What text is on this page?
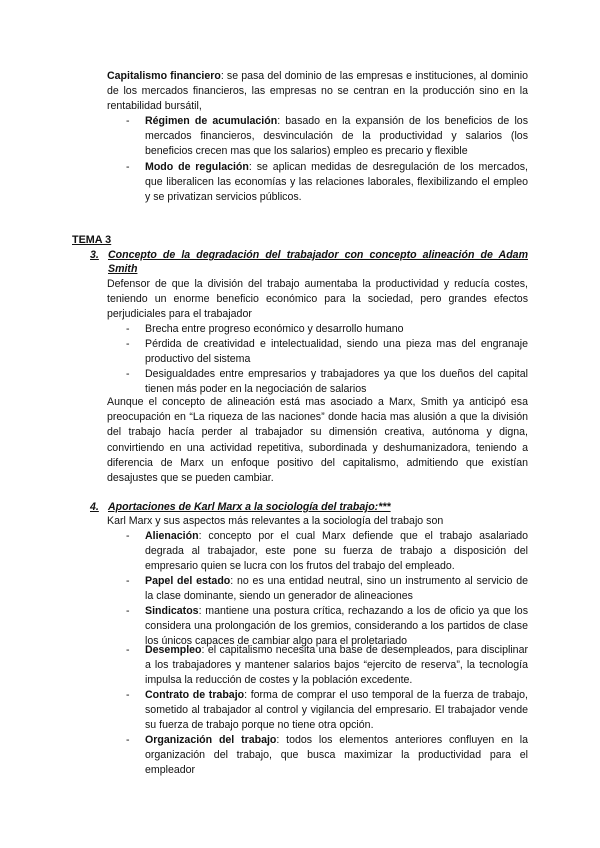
Capitalismo financiero: se pasa del dominio de las empresas e instituciones, al dominio de los mercados financieros, las empresas no se centran en la producción sino en la rentabilidad bursátil,

- Régimen de acumulación: basado en la expansión de los beneficios de los mercados financieros, desvinculación de la productividad y salarios (los beneficios crecen mas que los salarios) empleo es precario y flexible

- Modo de regulación: se aplican medidas de desregulación de los mercados, que liberalicen las economías y las relaciones laborales, flexibilizando el empleo y se privatizan servicios públicos.

TEMA 3
3. Concepto de la degradación del trabajador con concepto alineación de Adam Smith

Defensor de que la división del trabajo aumentaba la productividad y reducía costes, teniendo un enorme beneficio económico para la sociedad, pero grandes efectos perjudiciales para el trabajador

- Brecha entre progreso económico y desarrollo humano

- Pérdida de creatividad e intelectualidad, siendo una pieza mas del engranaje productivo del sistema

- Desigualdades entre empresarios y trabajadores ya que los dueños del capital tienen más poder en la negociación de salarios

Aunque el concepto de alineación está mas asociado a Marx, Smith ya anticipó esa preocupación en “La riqueza de las naciones” donde hacia mas alusión a que la división del trabajo hacía perder al trabajador su dimensión creativa, autónoma y digna, convirtiendo en una actividad repetitiva, subordinada y deshumanizadora, teniendo a diferencia de Marx un enfoque positivo del capitalismo, admitiendo que existían desajustes que se pueden cambiar.

4. Aportaciones de Karl Marx a la sociología del trabajo:***

Karl Marx y sus aspectos más relevantes a la sociología del trabajo son

- Alienación: concepto por el cual Marx defiende que el trabajo asalariado degrada al trabajador, este pone su fuerza de trabajo a disposición del empresario quien se lucra con los frutos del trabajo del empleado.

- Papel del estado: no es una entidad neutral, sino un instrumento al servicio de la clase dominante, siendo un generador de alineaciones

- Sindicatos: mantiene una postura crítica, rechazando a los de oficio ya que los considera una prolongación de los gremios, considerando a los partidos de clase los únicos capaces de cambiar algo para el proletariado

- Desempleo: el capitalismo necesita una base de desempleados, para disciplinar a los trabajadores y mantener salarios bajos “ejercito de reserva”, la tecnología impulsa la reducción de costes y la población excedente.

- Contrato de trabajo: forma de comprar el uso temporal de la fuerza de trabajo, sometido al trabajador al control y vigilancia del empresario. El trabajador vende su fuerza de trabajo porque no tiene otra opción.

- Organización del trabajo: todos los elementos anteriores confluyen en la organización del trabajo, que busca maximizar la productividad para el empleador
